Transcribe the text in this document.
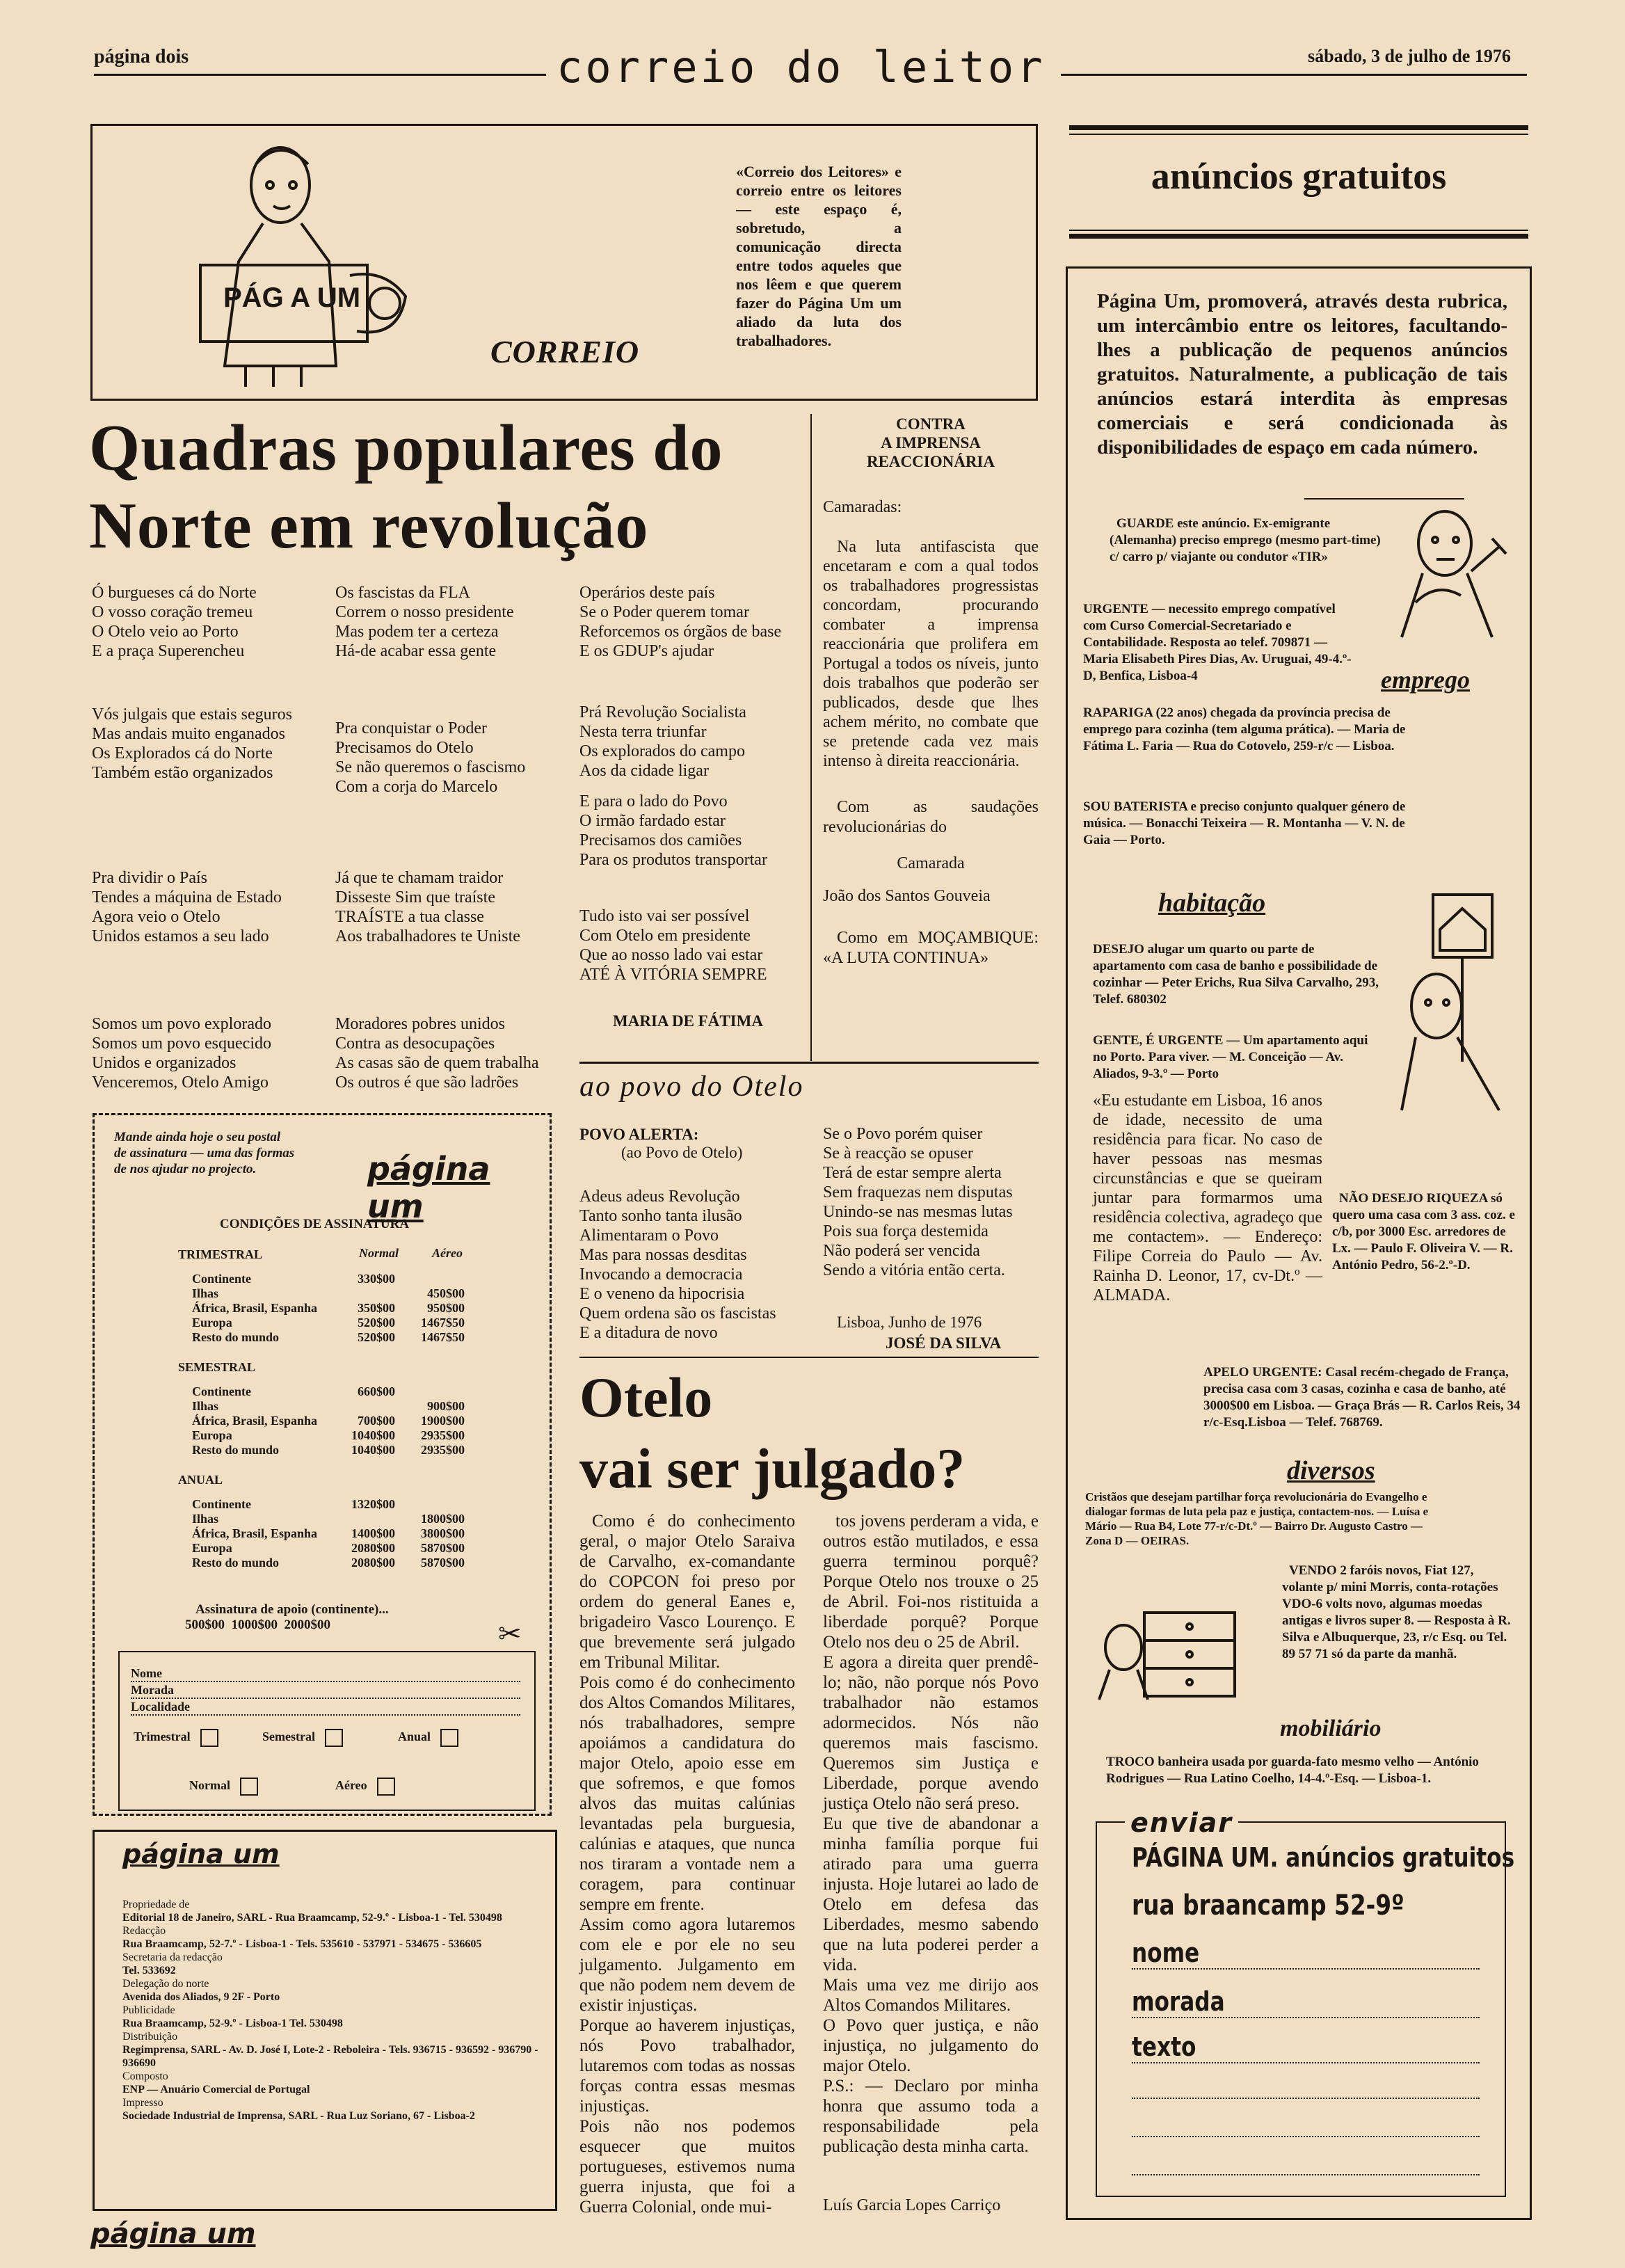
página dois	correio do leitor	sábado, 3 de julho de 1976
PÁG A UM
CORREIO
«Correio dos Leitores» e correio entre os leitores — este espaço é, sobretudo, a comunicação directa entre todos aqueles que nos lêem e que querem fazer do Página Um um aliado da luta dos trabalhadores.
Quadras populares do
Norte em revolução
Ó burgueses cá do Norte
O vosso coração tremeu
O Otelo veio ao Porto
E a praça Superencheu
Vós julgais que estais seguros
Mas andais muito enganados
Os Explorados cá do Norte
Também estão organizados
Pra dividir o País
Tendes a máquina de Estado
Agora veio o Otelo
Unidos estamos a seu lado
Somos um povo explorado
Somos um povo esquecido
Unidos e organizados
Venceremos, Otelo Amigo
Os fascistas da FLA
Correm o nosso presidente
Mas podem ter a certeza
Há-de acabar essa gente
Pra conquistar o Poder
Precisamos do Otelo
Se não queremos o fascismo
Com a corja do Marcelo
Já que te chamam traidor
Disseste Sim que traíste
TRAÍSTE a tua classe
Aos trabalhadores te Uniste
Moradores pobres unidos
Contra as desocupações
As casas são de quem trabalha
Os outros é que são ladrões
Operários deste país
Se o Poder querem tomar
Reforcemos os órgãos de base
E os GDUP's ajudar
Prá Revolução Socialista
Nesta terra triunfar
Os explorados do campo
Aos da cidade ligar
E para o lado do Povo
O irmão fardado estar
Precisamos dos camiões
Para os produtos transportar
Tudo isto vai ser possível
Com Otelo em presidente
Que ao nosso lado vai estar
ATÉ À VITÓRIA SEMPRE
MARIA DE FÁTIMA
CONTRA
A IMPRENSA
REACCIONÁRIA
Camaradas:
Na luta antifascista que encetaram e com a qual todos os trabalhadores progressistas concordam, procurando combater a imprensa reaccionária que prolifera em Portugal a todos os níveis, junto dois trabalhos que poderão ser publicados, desde que lhes achem mérito, no combate que se pretende cada vez mais intenso à direita reaccionária.
Com as saudações revolucionárias do
Camarada
João dos Santos Gouveia
Como em MOÇAMBIQUE: «A LUTA CONTINUA»
ao povo do Otelo
POVO ALERTA:
(ao Povo de Otelo)
Adeus adeus Revolução
Tanto sonho tanta ilusão
Alimentaram o Povo
Mas para nossas desditas
Invocando a democracia
E o veneno da hipocrisia
Quem ordena são os fascistas
E a ditadura de novo
Se o Povo porém quiser
Se à reacção se opuser
Terá de estar sempre alerta
Sem fraquezas nem disputas
Unindo-se nas mesmas lutas
Pois sua força destemida
Não poderá ser vencida
Sendo a vitória então certa.
Lisboa, Junho de 1976
JOSÉ DA SILVA
Otelo
vai ser julgado?
Como é do conhecimento geral, o major Otelo Saraiva de Carvalho, ex-comandante do COPCON foi preso por ordem do general Eanes e, brigadeiro Vasco Lourenço. E que brevemente será julgado em Tribunal Militar.
Pois como é do conhecimento dos Altos Comandos Militares, nós trabalhadores, sempre apoiámos a candidatura do major Otelo, apoio esse em que sofremos, e que fomos alvos das muitas calúnias levantadas pela burguesia, calúnias e ataques, que nunca nos tiraram a vontade nem a coragem, para continuar sempre em frente.
Assim como agora lutaremos com ele e por ele no seu julgamento. Julgamento em que não podem nem devem de existir injustiças.
Porque ao haverem injustiças, nós Povo trabalhador, lutaremos com todas as nossas forças contra essas mesmas injustiças.
Pois não nos podemos esquecer que muitos portugueses, estivemos numa guerra injusta, que foi a Guerra Colonial, onde mui-
tos jovens perderam a vida, e outros estão mutilados, e essa guerra terminou porquê? Porque Otelo nos trouxe o 25 de Abril. Foi-nos ristituida a liberdade porquê? Porque Otelo nos deu o 25 de Abril.
E agora a direita quer prendê-lo; não, não porque nós Povo trabalhador não estamos adormecidos. Nós não queremos mais fascismo. Queremos sim Justiça e Liberdade, porque avendo justiça Otelo não será preso.
Eu que tive de abandonar a minha família porque fui atirado para uma guerra injusta. Hoje lutarei ao lado de Otelo em defesa das Liberdades, mesmo sabendo que na luta poderei perder a vida.
Mais uma vez me dirijo aos Altos Comandos Militares.
O Povo quer justiça, e não injustiça, no julgamento do major Otelo.
P.S.: — Declaro por minha honra que assumo toda a responsabilidade pela publicação desta minha carta.
Luís Garcia Lopes Carriço
Mande ainda hoje o seu postal de assinatura — uma das formas de nos ajudar no projecto.	página um
CONDIÇÕES DE ASSINATURA
Normal	Aéreo
TRIMESTRAL
Continente	330$00	
Ilhas		450$00
África, Brasil, Espanha	350$00	950$00
Europa	520$00	1467$50
Resto do mundo	520$00	1467$50
SEMESTRAL
Continente	660$00	
Ilhas		900$00
África, Brasil, Espanha	700$00	1900$00
Europa	1040$00	2935$00
Resto do mundo	1040$00	2935$00
ANUAL
Continente	1320$00	
Ilhas		1800$00
África, Brasil, Espanha	1400$00	3800$00
Europa	2080$00	5870$00
Resto do mundo	2080$00	5870$00
Assinatura de apoio (continente)...
500$00  1000$00  2000$00	✂
Nome
Morada
Localidade
Trimestral	Semestral	Anual
Normal	Aéreo
página um
Propriedade de
Editorial 18 de Janeiro, SARL - Rua Braamcamp, 52-9.º - Lisboa-1 - Tel. 530498
Redacção
Rua Braamcamp, 52-7.º - Lisboa-1 - Tels. 535610 - 537971 - 534675 - 536605
Secretaria da redacção
Tel. 533692
Delegação do norte
Avenida dos Aliados, 9 2F - Porto
Publicidade
Rua Braamcamp, 52-9.º - Lisboa-1 Tel. 530498
Distribuição
Regimprensa, SARL - Av. D. José I, Lote-2 - Reboleira - Tels. 936715 - 936592 - 936790 - 936690
Composto
ENP — Anuário Comercial de Portugal
Impresso
Sociedade Industrial de Imprensa, SARL - Rua Luz Soriano, 67 - Lisboa-2
página um
anúncios gratuitos
Página Um, promoverá, através desta rubrica, um intercâmbio entre os leitores, facultando-lhes a publicação de pequenos anúncios gratuitos. Naturalmente, a publicação de tais anúncios estará interdita às empresas comerciais e será condicionada às disponibilidades de espaço em cada número.
GUARDE este anúncio. Ex-emigrante (Alemanha) preciso emprego (mesmo part-time) c/ carro p/ viajante ou condutor «TIR»
URGENTE — necessito emprego compatível com Curso Comercial-Secretariado e Contabilidade. Resposta ao telef. 709871 — Maria Elisabeth Pires Dias, Av. Uruguai, 49-4.º-D, Benfica, Lisboa-4	emprego
RAPARIGA (22 anos) chegada da província precisa de emprego para cozinha (tem alguma prática). — Maria de Fátima L. Faria — Rua do Cotovelo, 259-r/c — Lisboa.
SOU BATERISTA e preciso conjunto qualquer género de música. — Bonacchi Teixeira — R. Montanha — V. N. de Gaia — Porto.
habitação
DESEJO alugar um quarto ou parte de apartamento com casa de banho e possibilidade de cozinhar — Peter Erichs, Rua Silva Carvalho, 293, Telef. 680302
GENTE, É URGENTE — Um apartamento aqui no Porto. Para viver. — M. Conceição — Av. Aliados, 9-3.º — Porto
«Eu estudante em Lisboa, 16 anos de idade, necessito de uma residência para ficar. No caso de haver pessoas nas mesmas circunstâncias e que se queiram juntar para formarmos uma residência colectiva, agradeço que me contactem». — Endereço: Filipe Correia do Paulo — Av. Rainha D. Leonor, 17, cv-Dt.º — ALMADA.
NÃO DESEJO RIQUEZA só quero uma casa com 3 ass. coz. e c/b, por 3000 Esc. arredores de Lx. — Paulo F. Oliveira V. — R. António Pedro, 56-2.º-D.
APELO URGENTE: Casal recém-chegado de França, precisa casa com 3 casas, cozinha e casa de banho, até 3000$00 em Lisboa. — Graça Brás — R. Carlos Reis, 34 r/c-Esq.Lisboa — Telef. 768769.
diversos
Cristãos que desejam partilhar força revolucionária do Evangelho e dialogar formas de luta pela paz e justiça, contactem-nos. — Luísa e Mário — Rua B4, Lote 77-r/c-Dt.º — Bairro Dr. Augusto Castro — Zona D — OEIRAS.
VENDO 2 faróis novos, Fiat 127, volante p/ mini Morris, conta-rotações VDO-6 volts novo, algumas moedas antigas e livros super 8. — Resposta à R. Silva e Albuquerque, 23, r/c Esq. ou Tel. 89 57 71 só da parte da manhã.
mobiliário
TROCO banheira usada por guarda-fato mesmo velho — António Rodrigues — Rua Latino Coelho, 14-4.º-Esq. — Lisboa-1.
enviar
PÁGINA UM. anúncios gratuitos
rua braancamp 52-9º
nome
morada
texto
